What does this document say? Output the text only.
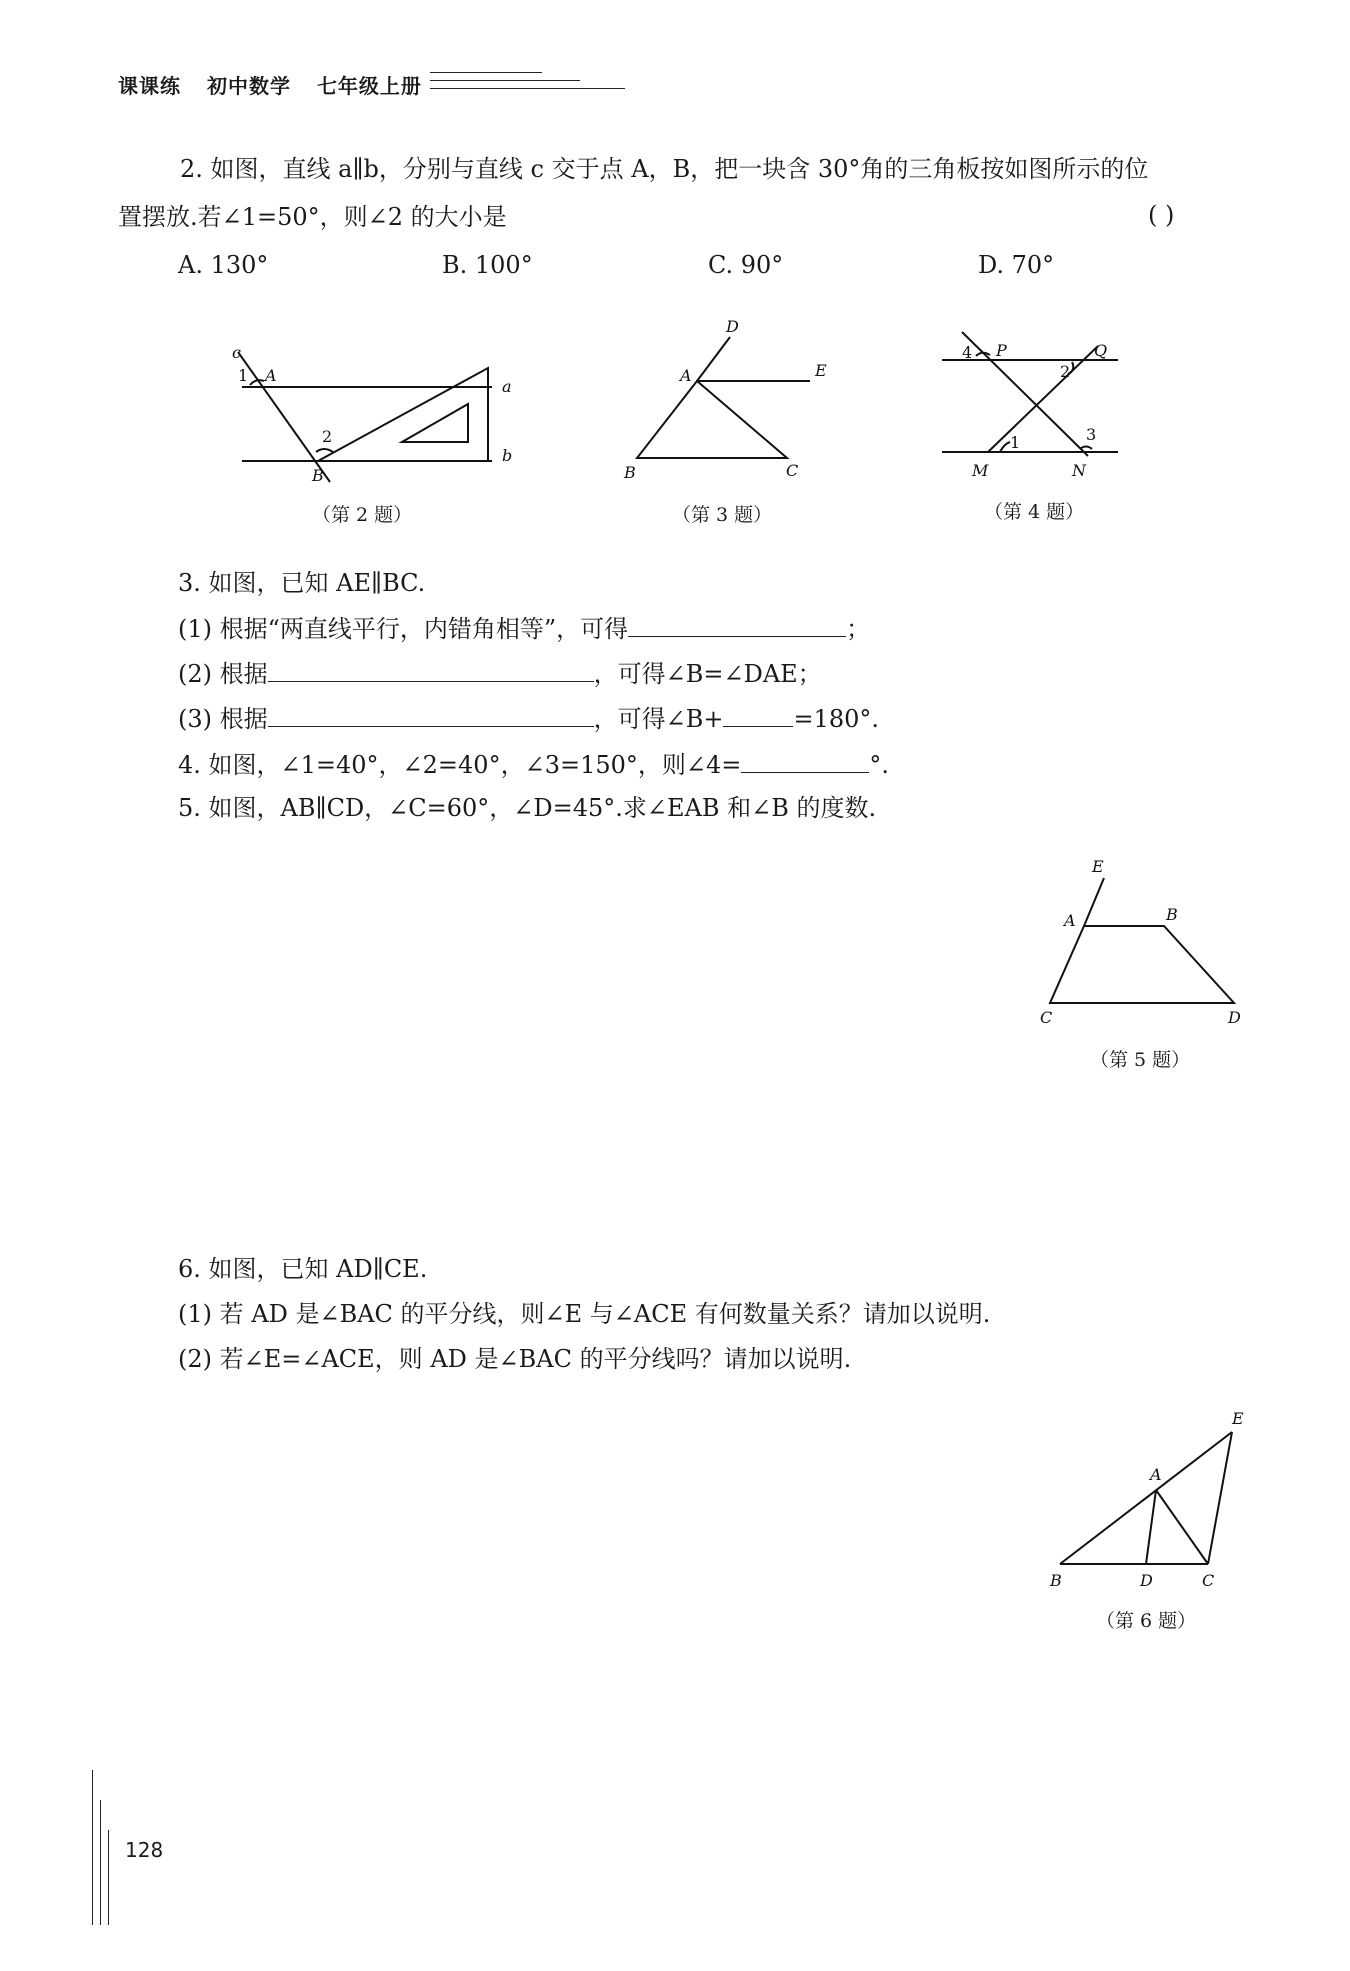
课课练 初中数学 七年级上册
2. 如图，直线 a∥b，分别与直线 c 交于点 A，B，把一块含 30°角的三角板按如图所示的位
置摆放.若∠1=50°，则∠2 的大小是	( )
A. 130°	B. 100°	C. 90°	D. 70°
c
1 A
a
2
b
B
D
A	E
B	C
4 P	Q
2
1	3
M	N
E
A	B
C	D
E
A
B	D	C
（第 2 题）	（第 3 题）	（第 4 题）
（第 5 题）
（第 6 题）
3. 如图，已知 AE∥BC.
(1) 根据“两直线平行，内错角相等”，可得	；
(2) 根据	，可得∠B=∠DAE；
(3) 根据	，可得∠B+	=180°.
4. 如图，∠1=40°，∠2=40°，∠3=150°，则∠4=	°.
5. 如图，AB∥CD，∠C=60°，∠D=45°.求∠EAB 和∠B 的度数.
6. 如图，已知 AD∥CE.
(1) 若 AD 是∠BAC 的平分线，则∠E 与∠ACE 有何数量关系？请加以说明.
(2) 若∠E=∠ACE，则 AD 是∠BAC 的平分线吗？请加以说明.
128
